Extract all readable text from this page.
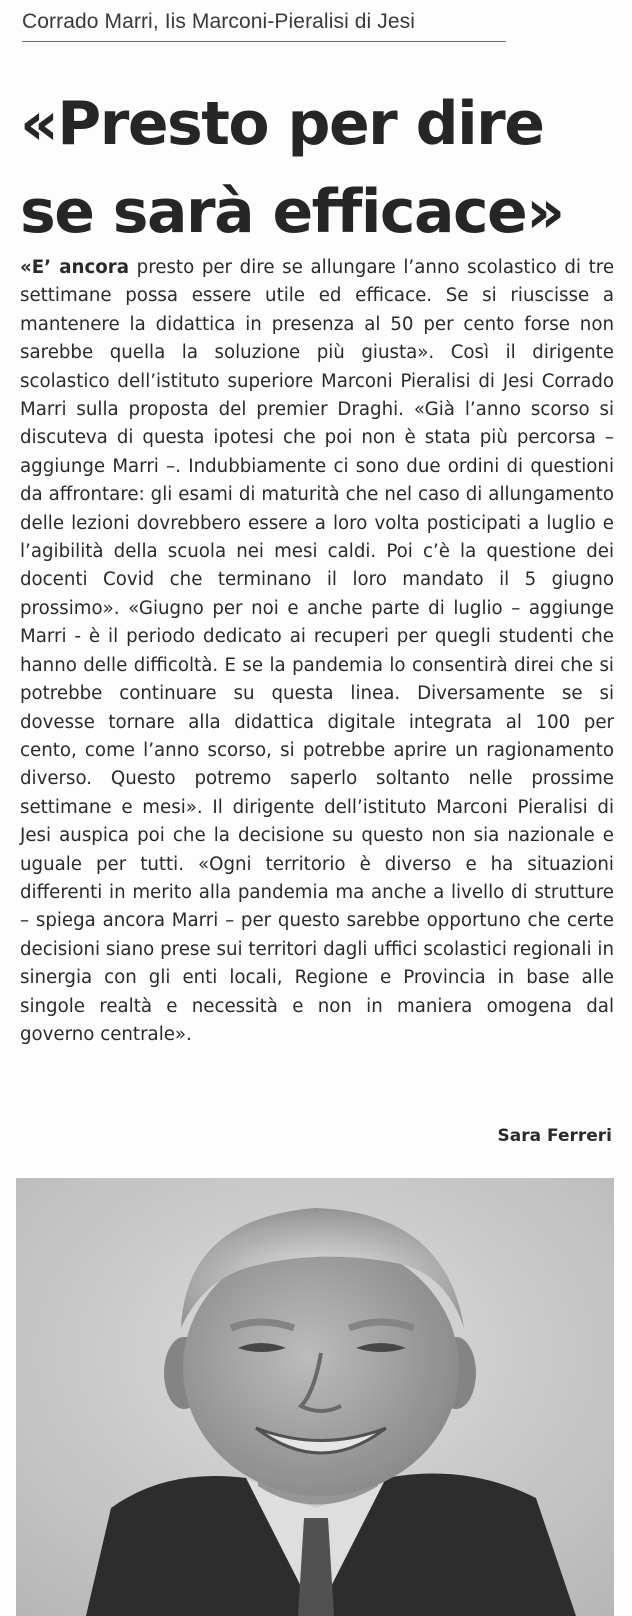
Corrado Marri, Iis Marconi-Pieralisi di Jesi
«Presto per dire
se sarà efficace»

«E’ ancora presto per dire se allungare l’anno scolastico di tre settimane possa essere utile ed efficace. Se si riuscisse a mantenere la didattica in presenza al 50 per cento forse non sarebbe quella la soluzione più giusta». Così il dirigente scolastico dell’istituto superiore Marconi Pieralisi di Jesi Corrado Marri sulla proposta del premier Draghi. «Già l’anno scorso si discuteva di questa ipotesi che poi non è stata più percorsa – aggiunge Marri –. Indubbiamente ci sono due ordini di questioni da affrontare: gli esami di maturità che nel caso di allungamento delle lezioni dovrebbero essere a loro volta posticipati a luglio e l’agibilità della scuola nei mesi caldi. Poi c’è la questione dei docenti Covid che terminano il loro mandato il 5 giugno prossimo». «Giugno per noi e anche parte di luglio – aggiunge Marri - è il periodo dedicato ai recuperi per quegli studenti che hanno delle difficoltà. E se la pandemia lo consentirà direi che si potrebbe continuare su questa linea. Diversamente se si dovesse tornare alla didattica digitale integrata al 100 per cento, come l’anno scorso, si potrebbe aprire un ragionamento diverso. Questo potremo saperlo soltanto nelle prossime settimane e mesi». Il dirigente dell’istituto Marconi Pieralisi di Jesi auspica poi che la decisione su questo non sia nazionale e uguale per tutti. «Ogni territorio è diverso e ha situazioni differenti in merito alla pandemia ma anche a livello di strutture – spiega ancora Marri – per questo sarebbe opportuno che certe decisioni siano prese sui territori dagli uffici scolastici regionali in sinergia con gli enti locali, Regione e Provincia in base alle singole realtà e necessità e non in maniera omogena dal governo centrale».

Sara Ferreri
